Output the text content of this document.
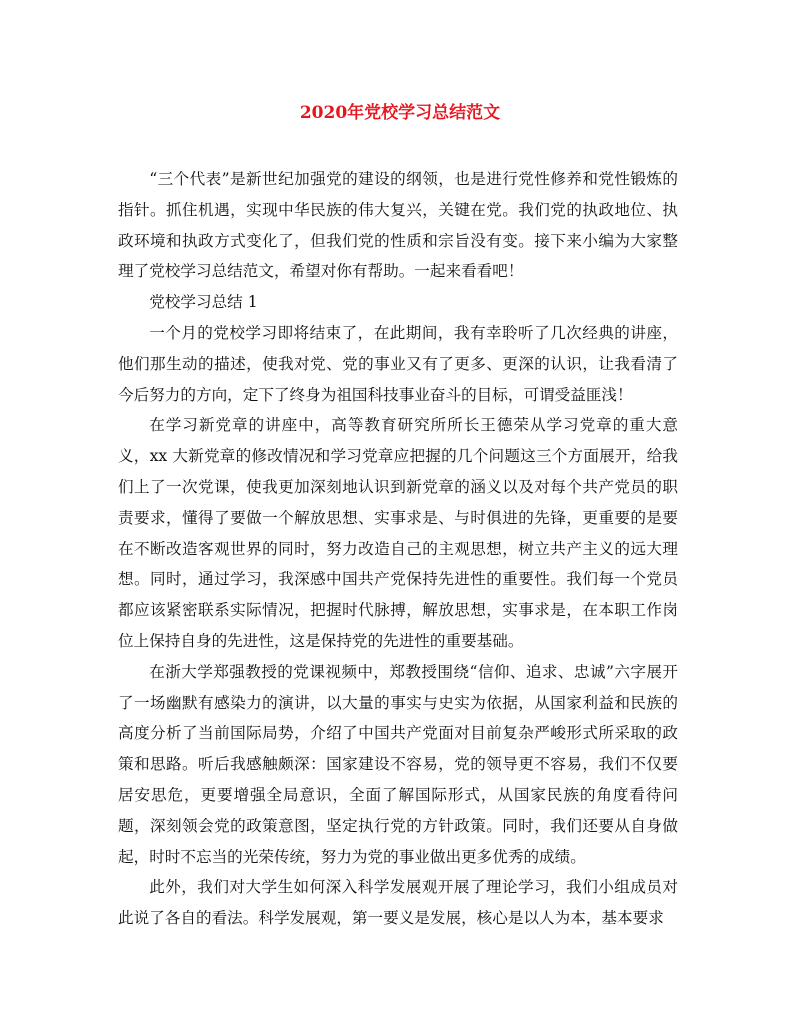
2020年党校学习总结范文

“三个代表”是新世纪加强党的建设的纲领，也是进行党性修养和党性锻炼的指针。抓住机遇，实现中华民族的伟大复兴，关键在党。我们党的执政地位、执政环境和执政方式变化了，但我们党的性质和宗旨没有变。接下来小编为大家整理了党校学习总结范文，希望对你有帮助。一起来看看吧！

党校学习总结 1

一个月的党校学习即将结束了，在此期间，我有幸聆听了几次经典的讲座，他们那生动的描述，使我对党、党的事业又有了更多、更深的认识，让我看清了今后努力的方向，定下了终身为祖国科技事业奋斗的目标，可谓受益匪浅！

在学习新党章的讲座中，高等教育研究所所长王德荣从学习党章的重大意义，xx 大新党章的修改情况和学习党章应把握的几个问题这三个方面展开，给我们上了一次党课，使我更加深刻地认识到新党章的涵义以及对每个共产党员的职责要求，懂得了要做一个解放思想、实事求是、与时俱进的先锋，更重要的是要在不断改造客观世界的同时，努力改造自己的主观思想，树立共产主义的远大理想。同时，通过学习，我深感中国共产党保持先进性的重要性。我们每一个党员都应该紧密联系实际情况，把握时代脉搏，解放思想，实事求是，在本职工作岗位上保持自身的先进性，这是保持党的先进性的重要基础。

在浙大学郑强教授的党课视频中，郑教授围绕“信仰、追求、忠诚”六字展开了一场幽默有感染力的演讲，以大量的事实与史实为依据，从国家利益和民族的高度分析了当前国际局势，介绍了中国共产党面对目前复杂严峻形式所采取的政策和思路。听后我感触颇深：国家建设不容易，党的领导更不容易，我们不仅要居安思危，更要增强全局意识，全面了解国际形式，从国家民族的角度看待问题，深刻领会党的政策意图，坚定执行党的方针政策。同时，我们还要从自身做起，时时不忘当的光荣传统，努力为党的事业做出更多优秀的成绩。

此外，我们对大学生如何深入科学发展观开展了理论学习，我们小组成员对此说了各自的看法。科学发展观，第一要义是发展，核心是以人为本，基本要求
